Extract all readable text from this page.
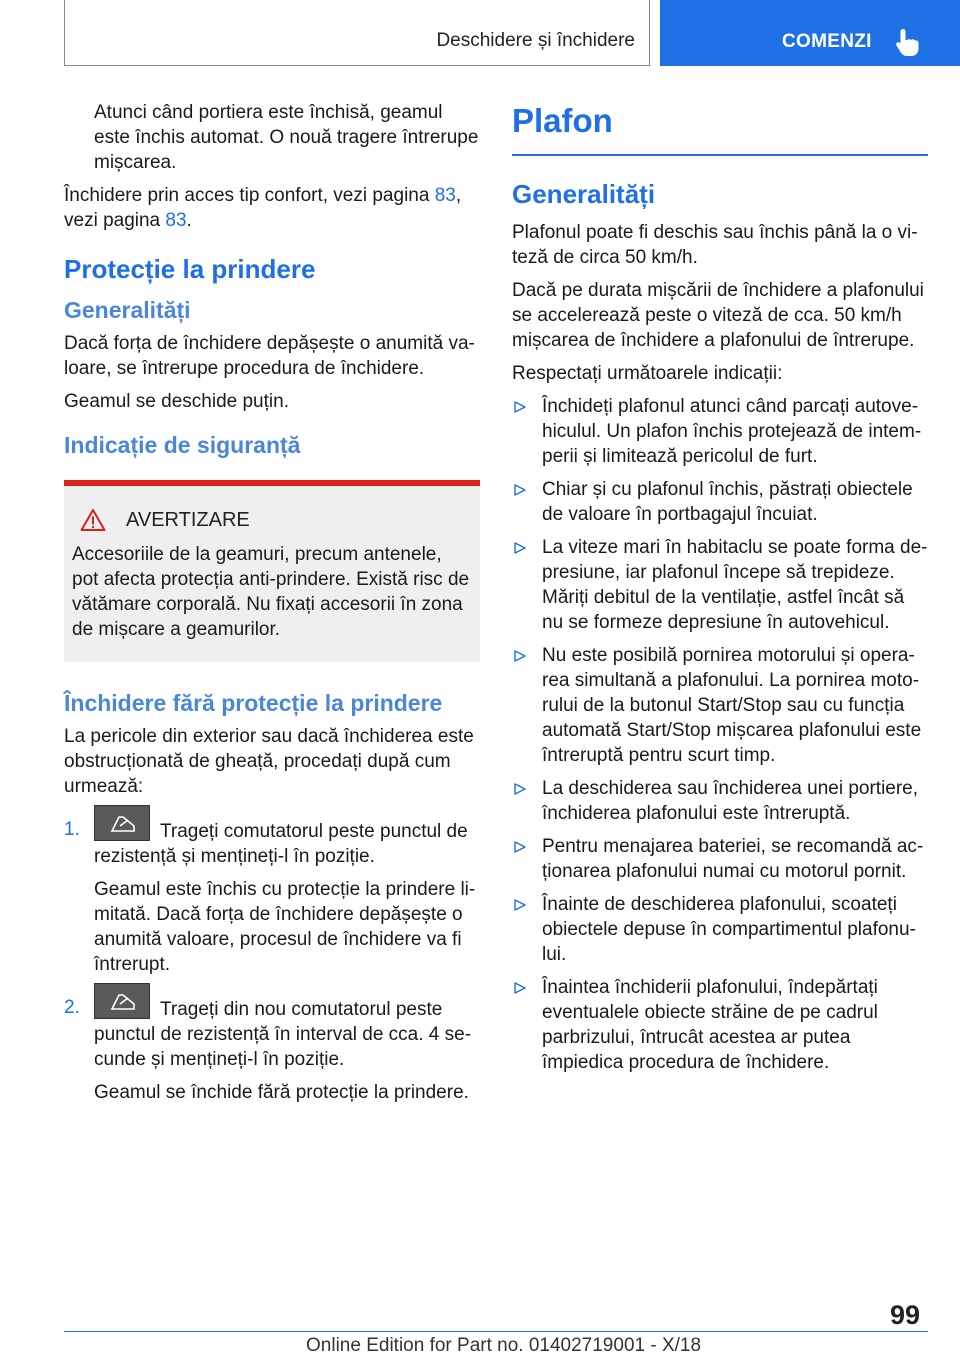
Deschidere și închidere	COMENZI

Atunci când portiera este închisă, geamul este închis automat. O nouă tragere întrerupe mișcarea.

Închidere prin acces tip confort, vezi pagina 83, vezi pagina 83.

Protecție la prindere
Generalități

Dacă forța de închidere depășește o anumită valoare, se întrerupe procedura de închidere.

Geamul se deschide puțin.

Indicație de siguranță
AVERTIZARE

Accesoriile de la geamuri, precum antenele, pot afecta protecția anti-prindere. Există risc de vătămare corporală. Nu fixați accesorii în zona de mișcare a geamurilor.

Închidere fără protecție la prindere

La pericole din exterior sau dacă închiderea este obstrucționată de gheață, procedați după cum urmează:

1.	Trageți comutatorul peste punctul de rezistență și mențineți-l în poziție.

Geamul este închis cu protecție la prindere limitată. Dacă forța de închidere depășește o anumită valoare, procesul de închidere va fi întrerupt.

2.	Trageți din nou comutatorul peste punctul de rezistență în interval de cca. 4 secunde și mențineți-l în poziție.

Geamul se închide fără protecție la prindere.

Plafon
Generalități

Plafonul poate fi deschis sau închis până la o viteză de circa 50 km/h.

Dacă pe durata mișcării de închidere a plafonului se accelerează peste o viteză de cca. 50 km/h mișcarea de închidere a plafonului de întrerupe.

Respectați următoarele indicații:

Închideți plafonul atunci când parcați autovehiculul. Un plafon închis protejează de intemperii și limitează pericolul de furt.
Chiar și cu plafonul închis, păstrați obiectele de valoare în portbagajul încuiat.
La viteze mari în habitaclu se poate forma depresiune, iar plafonul începe să trepideze. Măriți debitul de la ventilație, astfel încât să nu se formeze depresiune în autovehicul.
Nu este posibilă pornirea motorului și operarea simultană a plafonului. La pornirea motorului de la butonul Start/Stop sau cu funcția automată Start/Stop mișcarea plafonului este întreruptă pentru scurt timp.
La deschiderea sau închiderea unei portiere, închiderea plafonului este întreruptă.
Pentru menajarea bateriei, se recomandă acționarea plafonului numai cu motorul pornit.
Înainte de deschiderea plafonului, scoateți obiectele depuse în compartimentul plafonului.
Înaintea închiderii plafonului, îndepărtați eventualele obiecte străine de pe cadrul parbrizului, întrucât acestea ar putea împiedica procedura de închidere.
99
Online Edition for Part no. 01402719001 - X/18
